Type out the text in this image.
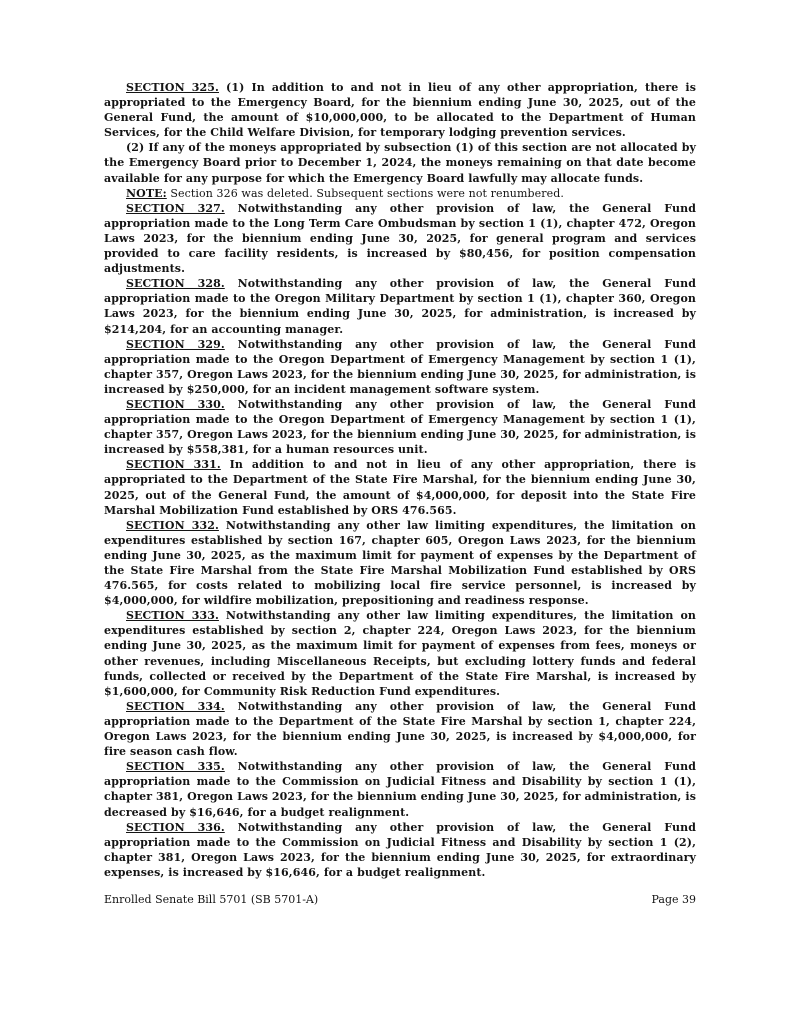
SECTION 325. (1) In addition to and not in lieu of any other appropriation, there is appropriated to the Emergency Board, for the biennium ending June 30, 2025, out of the General Fund, the amount of $10,000,000, to be allocated to the Department of Human Services, for the Child Welfare Division, for temporary lodging prevention services.

(2) If any of the moneys appropriated by subsection (1) of this section are not allocated by the Emergency Board prior to December 1, 2024, the moneys remaining on that date become available for any purpose for which the Emergency Board lawfully may allocate funds.

NOTE: Section 326 was deleted. Subsequent sections were not renumbered.

SECTION 327. Notwithstanding any other provision of law, the General Fund appropriation made to the Long Term Care Ombudsman by section 1 (1), chapter 472, Oregon Laws 2023, for the biennium ending June 30, 2025, for general program and services provided to care facility residents, is increased by $80,456, for position compensation adjustments.

SECTION 328. Notwithstanding any other provision of law, the General Fund appropriation made to the Oregon Military Department by section 1 (1), chapter 360, Oregon Laws 2023, for the biennium ending June 30, 2025, for administration, is increased by $214,204, for an accounting manager.

SECTION 329. Notwithstanding any other provision of law, the General Fund appropriation made to the Oregon Department of Emergency Management by section 1 (1), chapter 357, Oregon Laws 2023, for the biennium ending June 30, 2025, for administration, is increased by $250,000, for an incident management software system.

SECTION 330. Notwithstanding any other provision of law, the General Fund appropriation made to the Oregon Department of Emergency Management by section 1 (1), chapter 357, Oregon Laws 2023, for the biennium ending June 30, 2025, for administration, is increased by $558,381, for a human resources unit.

SECTION 331. In addition to and not in lieu of any other appropriation, there is appropriated to the Department of the State Fire Marshal, for the biennium ending June 30, 2025, out of the General Fund, the amount of $4,000,000, for deposit into the State Fire Marshal Mobilization Fund established by ORS 476.565.

SECTION 332. Notwithstanding any other law limiting expenditures, the limitation on expenditures established by section 167, chapter 605, Oregon Laws 2023, for the biennium ending June 30, 2025, as the maximum limit for payment of expenses by the Department of the State Fire Marshal from the State Fire Marshal Mobilization Fund established by ORS 476.565, for costs related to mobilizing local fire service personnel, is increased by $4,000,000, for wildfire mobilization, prepositioning and readiness response.

SECTION 333. Notwithstanding any other law limiting expenditures, the limitation on expenditures established by section 2, chapter 224, Oregon Laws 2023, for the biennium ending June 30, 2025, as the maximum limit for payment of expenses from fees, moneys or other revenues, including Miscellaneous Receipts, but excluding lottery funds and federal funds, collected or received by the Department of the State Fire Marshal, is increased by $1,600,000, for Community Risk Reduction Fund expenditures.

SECTION 334. Notwithstanding any other provision of law, the General Fund appropriation made to the Department of the State Fire Marshal by section 1, chapter 224, Oregon Laws 2023, for the biennium ending June 30, 2025, is increased by $4,000,000, for fire season cash flow.

SECTION 335. Notwithstanding any other provision of law, the General Fund appropriation made to the Commission on Judicial Fitness and Disability by section 1 (1), chapter 381, Oregon Laws 2023, for the biennium ending June 30, 2025, for administration, is decreased by $16,646, for a budget realignment.

SECTION 336. Notwithstanding any other provision of law, the General Fund appropriation made to the Commission on Judicial Fitness and Disability by section 1 (2), chapter 381, Oregon Laws 2023, for the biennium ending June 30, 2025, for extraordinary expenses, is increased by $16,646, for a budget realignment.

Enrolled Senate Bill 5701 (SB 5701-A)	Page 39
